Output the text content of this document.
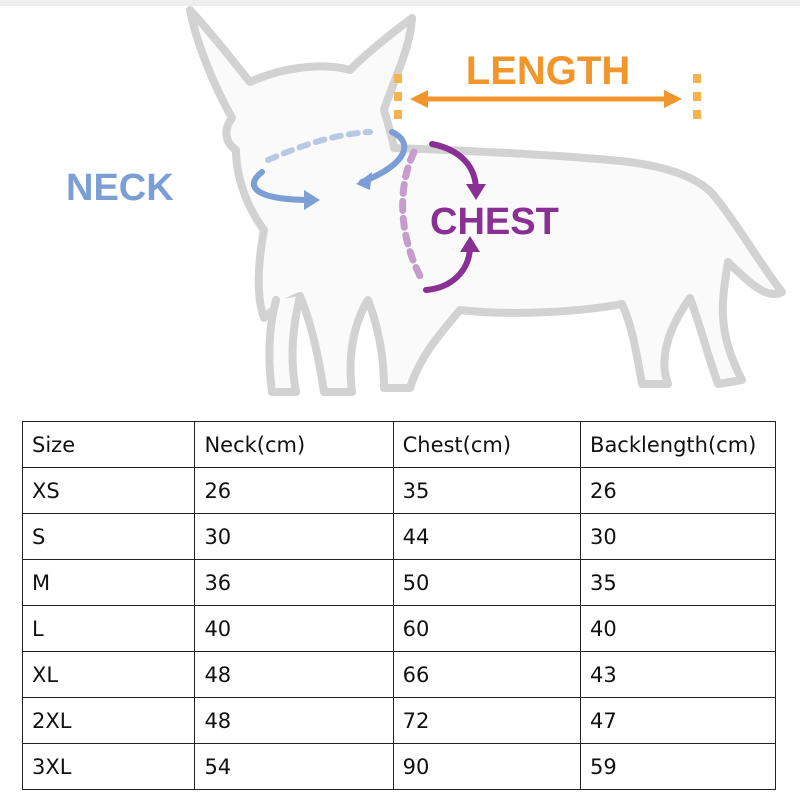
LENGTH
NECK
CHEST
Size	Neck(cm)	Chest(cm)	Backlength(cm)
XS	26	35	26
S	30	44	30
M	36	50	35
L	40	60	40
XL	48	66	43
2XL	48	72	47
3XL	54	90	59
